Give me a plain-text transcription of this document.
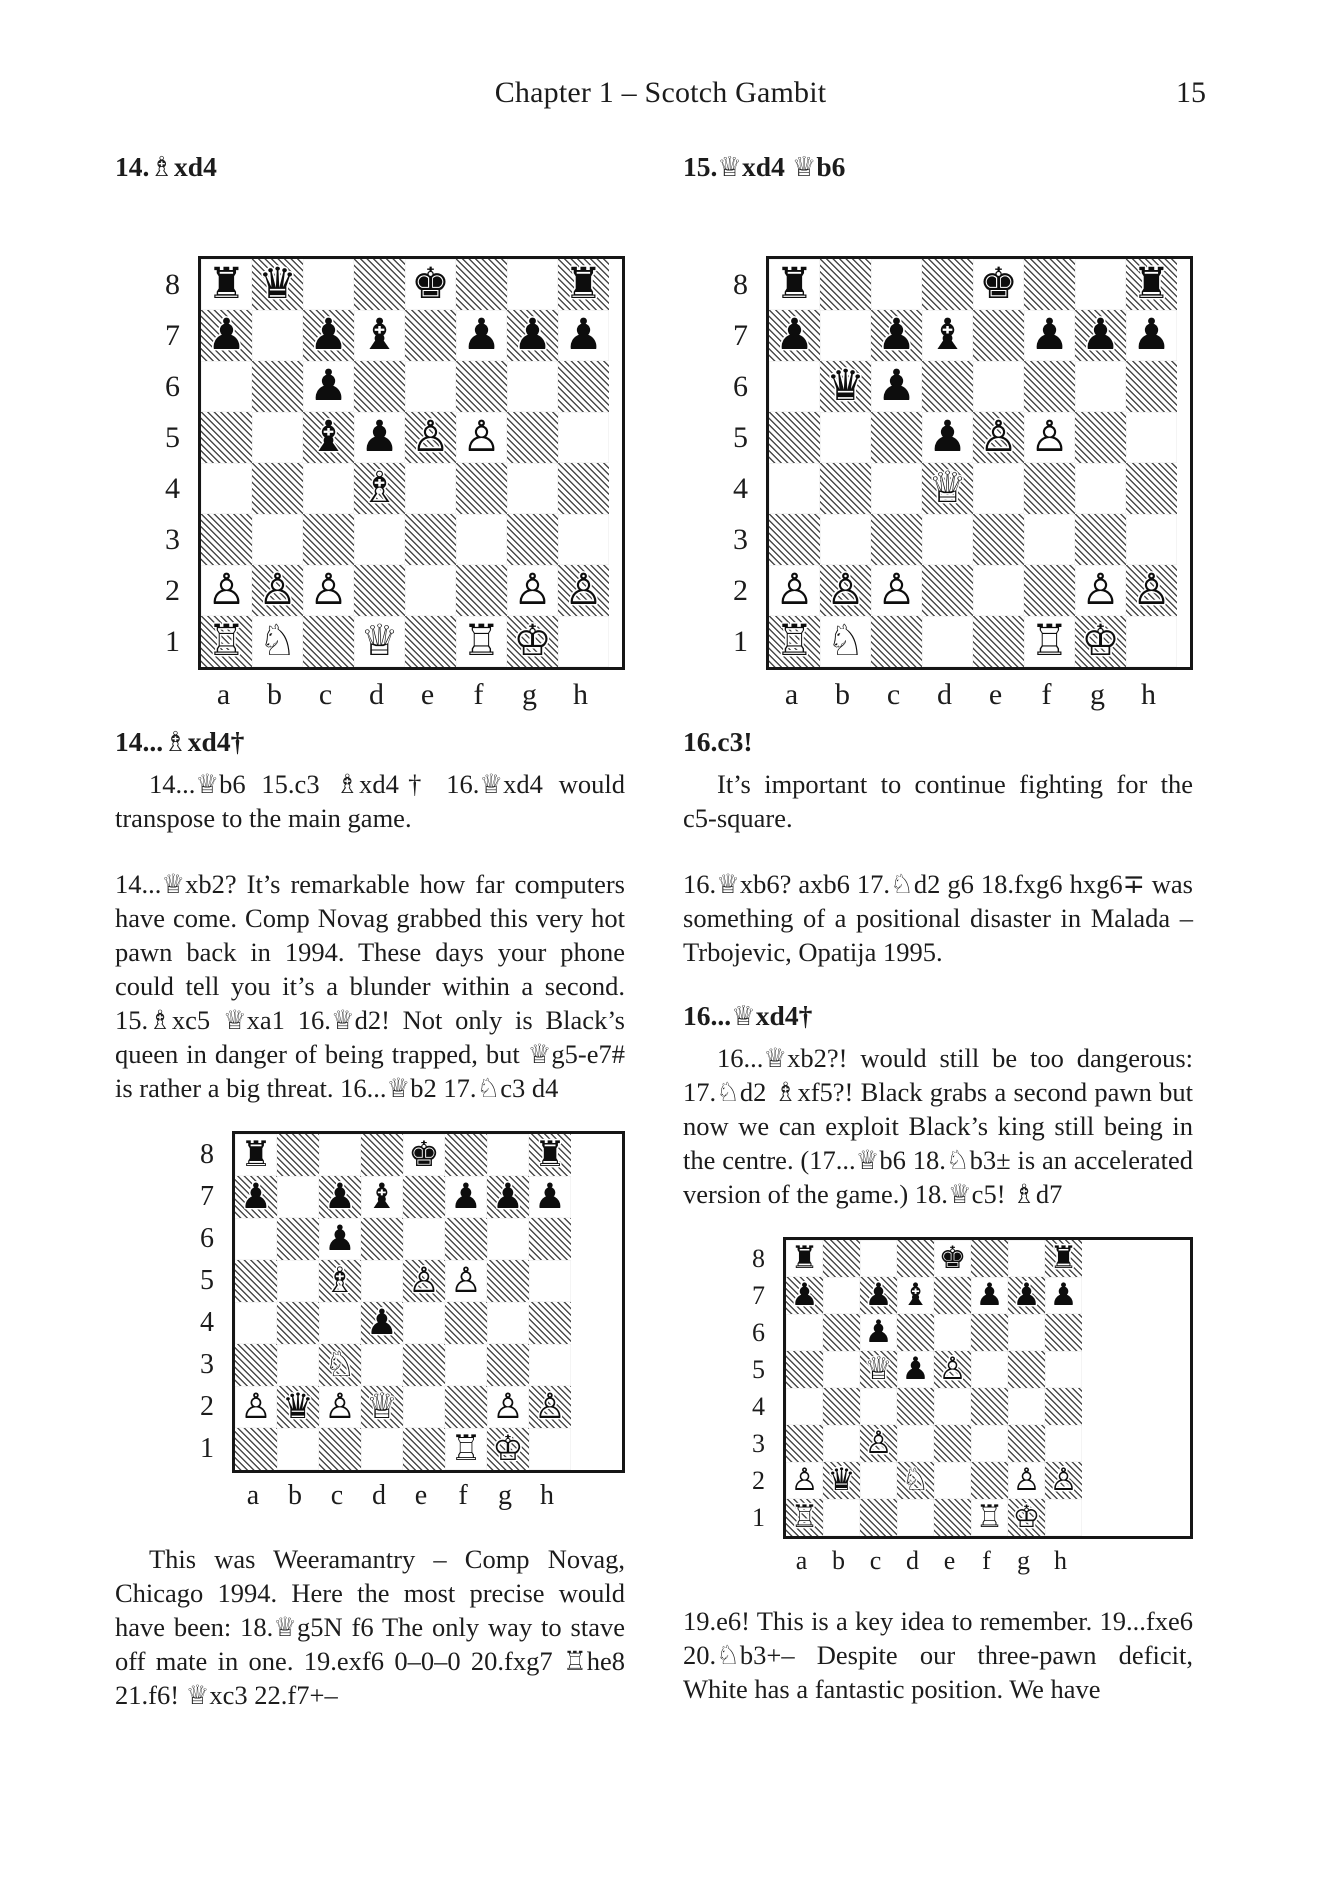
Chapter 1 – Scotch Gambit	15

14.♗xd4

8
7
6
5
4
3
2
1
♜ ♛	♚	♜
♟ ♟ ♝ ♟ ♟ ♟
♟
♝ ♟ ♙ ♙
♗
♙ ♙ ♙	♙ ♙
♖ ♘ ♕ ♖ ♔
a	b	c	d	e	f	g	h

14...♗xd4†

14...♕b6 15.c3 ♗xd4† 16.♕xd4 would transpose to the main game.

14...♕xb2? It’s remarkable how far computers have come. Comp Novag grabbed this very hot pawn back in 1994. These days your phone could tell you it’s a blunder within a second. 15.♗xc5 ♕xa1 16.♕d2! Not only is Black’s queen in danger of being trapped, but ♕g5-e7# is rather a big threat. 16...♕b2 17.♘c3 d4

8
7
6
5
4
3
2
1
♜	♚	♜
♟ ♟ ♝ ♟ ♟ ♟
♟
♗ ♙ ♙
♟
♘
♙ ♛ ♙ ♕	♙ ♙
♖ ♔
a	b	c	d	e	f	g	h

This was Weeramantry – Comp Novag, Chicago 1994. Here the most precise would have been: 18.♕g5N f6 The only way to stave off mate in one. 19.exf6 0–0–0 20.fxg7 ♖he8 21.f6! ♕xc3 22.f7+–

15.♕xd4 ♕b6

8
7
6
5
4
3
2
1
♜	♚	♜
♟ ♟ ♝ ♟ ♟ ♟
♛ ♟
♟ ♙ ♙
♕
♙ ♙ ♙	♙ ♙
♖ ♘	♖ ♔
a	b	c	d	e	f	g	h

16.c3!

It’s important to continue fighting for the c5-square.

16.♕xb6? axb6 17.♘d2 g6 18.fxg6 hxg6∓ was something of a positional disaster in Malada – Trbojevic, Opatija 1995.

16...♕xd4†

16...♕xb2?! would still be too dangerous: 17.♘d2 ♗xf5?! Black grabs a second pawn but now we can exploit Black’s king still being in the centre. (17...♕b6 18.♘b3± is an accelerated version of the game.) 18.♕c5! ♗d7

8
7
6
5
4
3
2
1
♜	♚	♜
♟ ♟ ♝ ♟ ♟ ♟
♟
♕ ♟ ♙
♙
♙ ♛ ♘	♙ ♙
♖	♖ ♔
a b c d e	f	g h

19.e6! This is a key idea to remember. 19...fxe6 20.♘b3+– Despite our three-pawn deficit, White has a fantastic position. We have
